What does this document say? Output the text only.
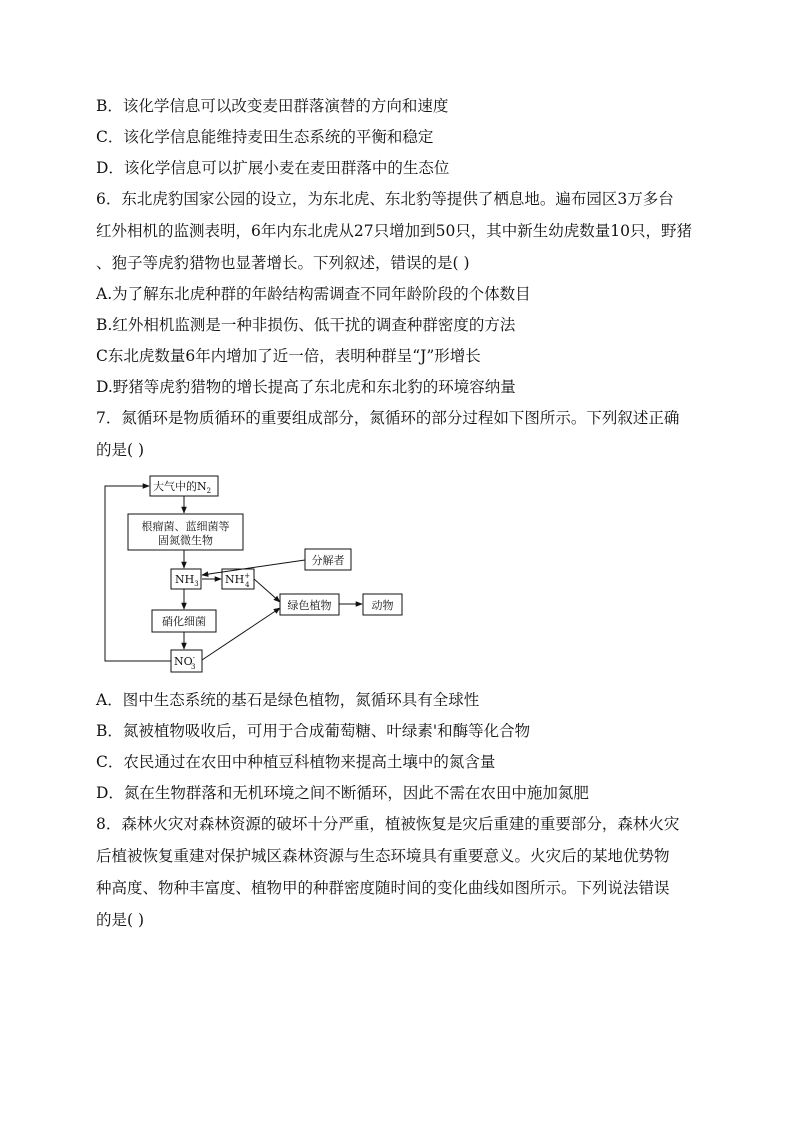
B．该化学信息可以改变麦田群落演替的方向和速度
C．该化学信息能维持麦田生态系统的平衡和稳定
D．该化学信息可以扩展小麦在麦田群落中的生态位
6．东北虎豹国家公园的设立，为东北虎、东北豹等提供了栖息地。遍布园区3万多台
红外相机的监测表明，6年内东北虎从27只增加到50只，其中新生幼虎数量10只，野猪
、狍子等虎豹猎物也显著增长。下列叙述，错误的是( )
A.为了解东北虎种群的年龄结构需调查不同年龄阶段的个体数目
B.红外相机监测是一种非损伤、低干扰的调查种群密度的方法
C东北虎数量6年内增加了近一倍，表明种群呈“J”形增长
D.野猪等虎豹猎物的增长提高了东北虎和东北豹的环境容纳量
7．氮循环是物质循环的重要组成部分，氮循环的部分过程如下图所示。下列叙述正确
的是( )
大气中的$N_2$
根瘤菌、蓝细菌等
固氮微生物
分解者
$NH_3$ NH+ 4
绿色植物	动物
硝化细菌
NO-3
A．图中生态系统的基石是绿色植物，氮循环具有全球性
B．氮被植物吸收后，可用于合成葡萄糖、叶绿素'和酶等化合物
C．农民通过在农田中种植豆科植物来提高土壤中的氮含量
D．氮在生物群落和无机环境之间不断循环，因此不需在农田中施加氮肥
8．森林火灾对森林资源的破坏十分严重，植被恢复是灾后重建的重要部分，森林火灾
后植被恢复重建对保护城区森林资源与生态环境具有重要意义。火灾后的某地优势物
种高度、物种丰富度、植物甲的种群密度随时间的变化曲线如图所示。下列说法错误
的是( )
